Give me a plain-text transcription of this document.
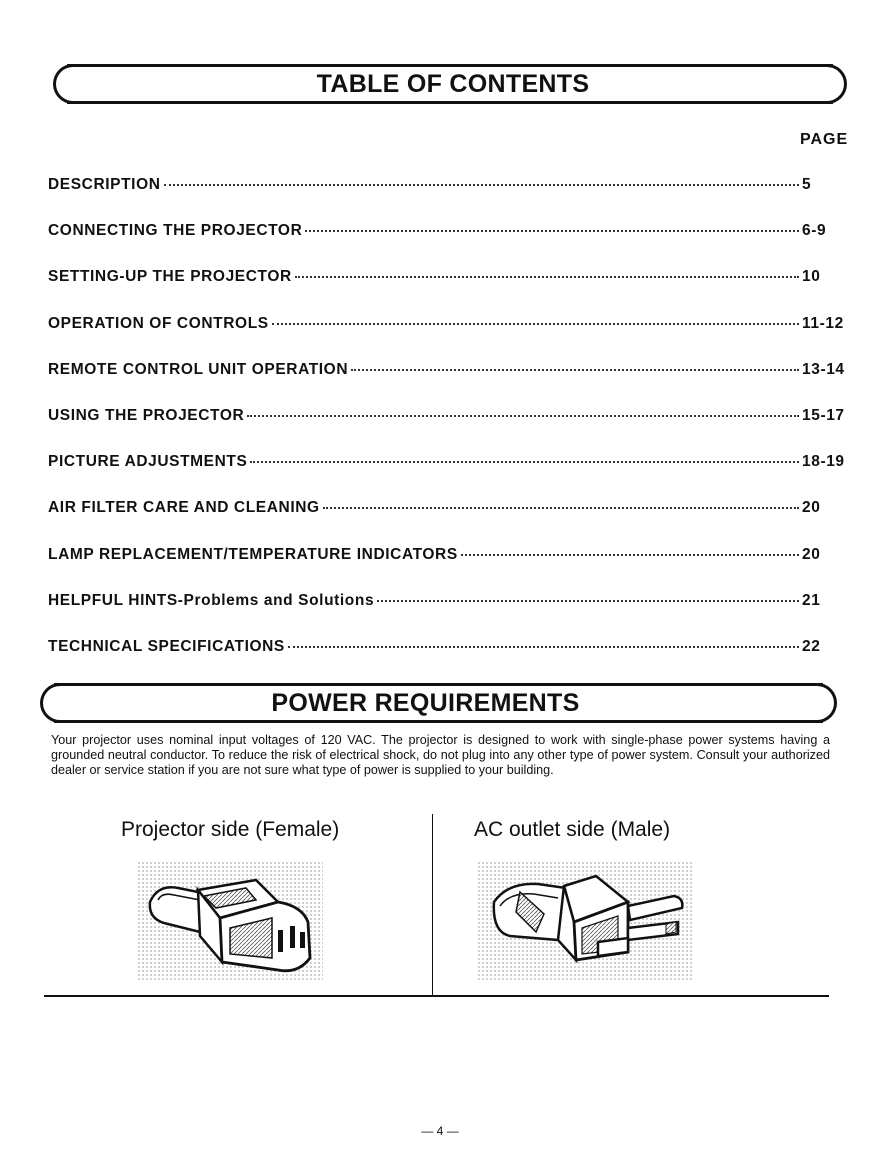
TABLE OF CONTENTS
PAGE
DESCRIPTION	5
CONNECTING THE PROJECTOR	6-9
SETTING-UP THE PROJECTOR	10
OPERATION OF CONTROLS	11-12
REMOTE CONTROL UNIT OPERATION	13-14
USING THE PROJECTOR	15-17
PICTURE ADJUSTMENTS	18-19
AIR FILTER CARE AND CLEANING	20
LAMP REPLACEMENT/TEMPERATURE INDICATORS	20
HELPFUL HINTS-Problems and Solutions	21
TECHNICAL SPECIFICATIONS	22
POWER REQUIREMENTS

Your projector uses nominal input voltages of 120 VAC. The projector is designed to work with single-phase power systems having a grounded neutral conductor. To reduce the risk of electrical shock, do not plug into any other type of power system. Consult your authorized dealer or service station if you are not sure what type of power is supplied to your building.

Projector side (Female)	AC outlet side (Male)
— 4 —
